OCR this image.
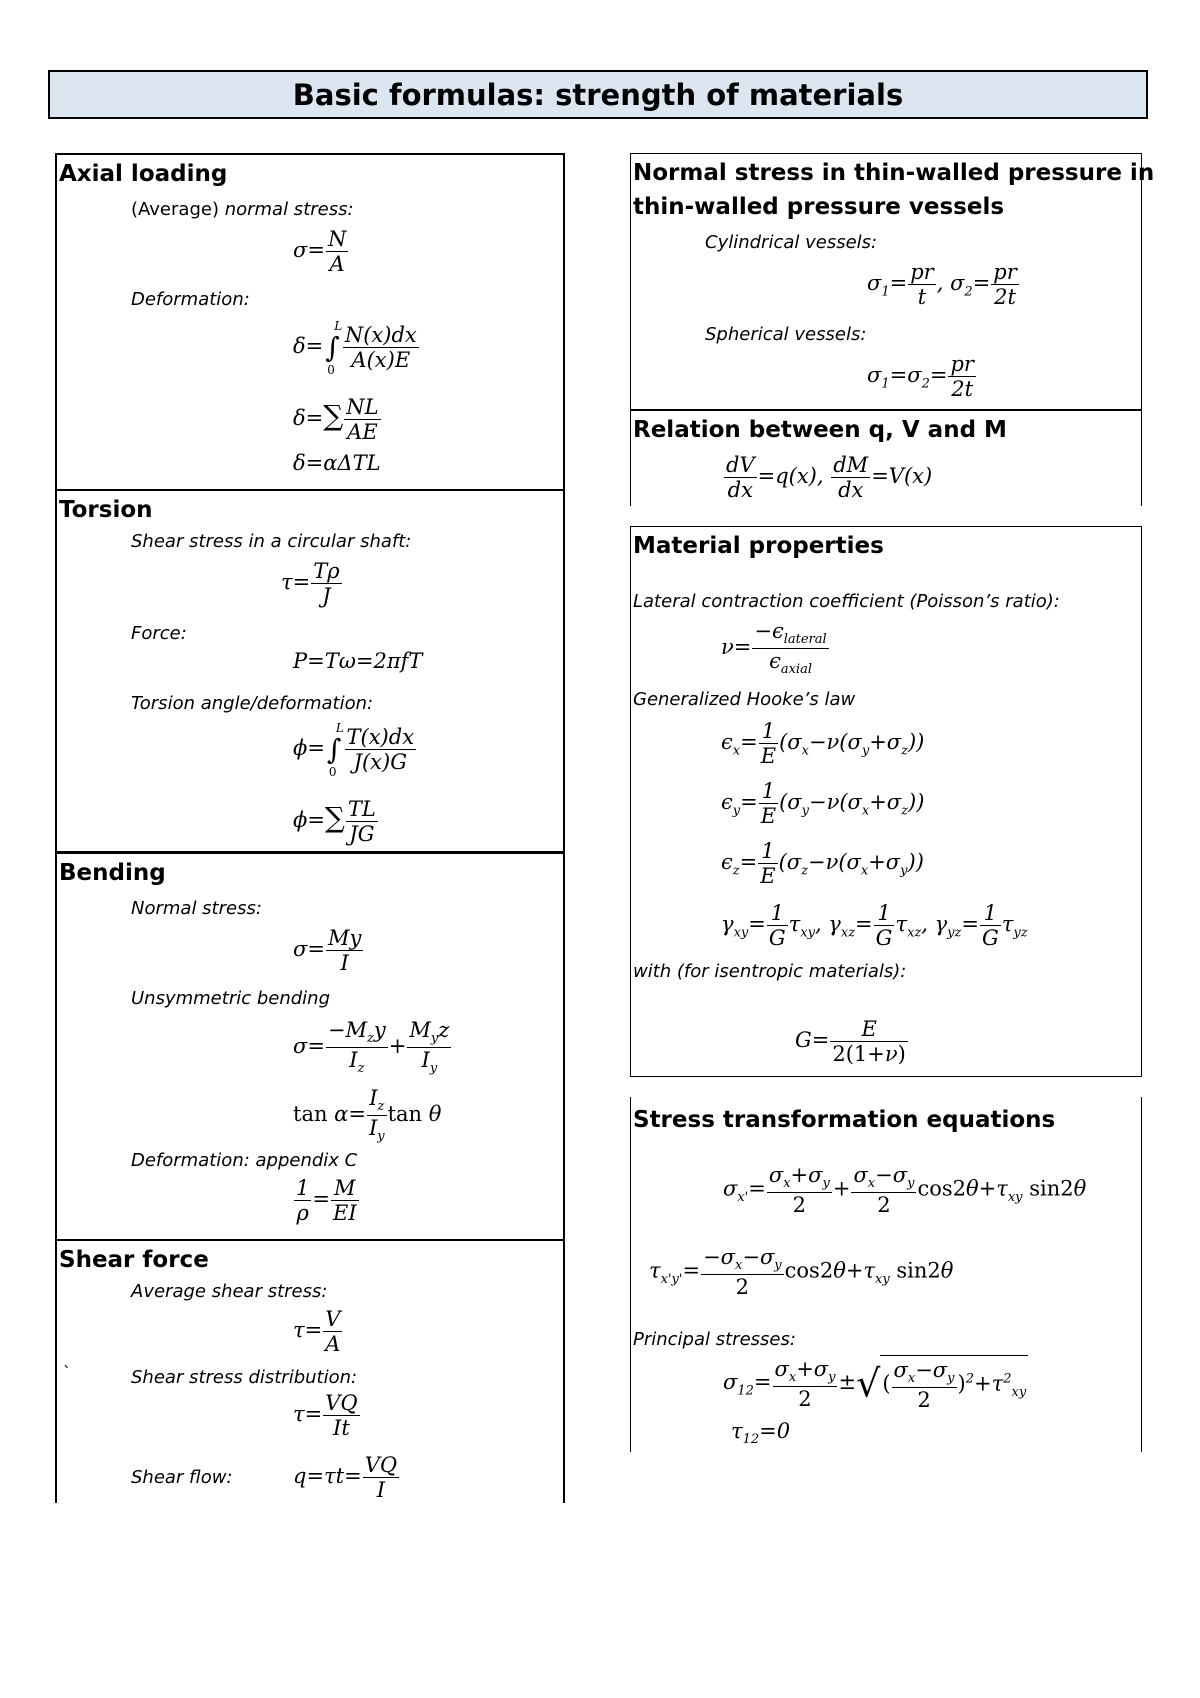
Basic formulas: strength of materials
Axial loading
(Average) normal stress:
$\sigma= \frac{N}{A}$
Deformation:
δ=∫
L
$0 \frac{N(x)dx}{A(x)E}$
$\delta=\sum \frac{NL}{AE}$
δ=αΔTL
Torsion
Shear stress in a circular shaft:
$\tau= \frac{T\rho}{J}$
Force:
P=Tω=2πfT
Torsion angle/deformation:
ϕ=∫
L
$0 \frac{T(x)dx}{J(x)G}$
$\phi=\sum \frac{TL}{JG}$
Bending
Normal stress:
$\sigma= \frac{My}{I}$
Unsymmetric bending
$\sigma= \frac{-M_zy}{I_z} + \frac{M_yz}{I_y}$
$\tan \alpha= \frac{I_z}{I_y}$ tan θ
Deformation: appendix C
$\frac{1}{\rho} = \frac{M}{EI}$
Shear force
Average shear stress:
$\tau= \frac{V}{A}$
`	Shear stress distribution:
$\tau= \frac{VQ}{It}$
Shear flow:	$q=\tau t= \frac{VQ}{I}$
Normal stress in thin-walled pressure in
thin-walled pressure vessels
Cylindrical vessels:
$\sigma_1= \frac{pr}{t}$ , $\sigma_2= \frac{pr}{2t}$
Spherical vessels:
$\sigma_1=\sigma_2= \frac{pr}{2t}$
Relation between q, V and M
$\frac{dV}{dx} =q(x)$, $\frac{dM}{dx} =V(x)$
Material properties
Lateral contraction coefficient (Poisson’s ratio):
$\nu= \frac{-\epsilon_{lateral}}{\epsilon_{axial}}$
Generalized Hooke’s law
$\epsilon_x= \frac{1}{E} (\sigma_x-\nu(\sigma_y+\sigma_z))$
$\epsilon_y= \frac{1}{E} (\sigma_y-\nu(\sigma_x+\sigma_z))$
$\epsilon_z= \frac{1}{E} (\sigma_z-\nu(\sigma_x+\sigma_y))$
$\gamma_{xy}= \frac{1}{G} \tau_{xy}$, $\gamma_{xz}= \frac{1}{G} \tau_{xz}$, $\gamma_{yz}= \frac{1}{G} \tau_{yz}$
with (for isentropic materials):
$G= \frac{E}{2(1+\nu)}$
Stress transformation equations
$\sigma_{x'}= \frac{\sigma_x+\sigma_y}{2} + \frac{\sigma_x-\sigma_y}{2} \cos 2\theta+\tau_{xy}$ sin2θ
$\tau_{x'y'}= \frac{-\sigma_x-\sigma_y}{2} \cos 2\theta+\tau_{xy}$ sin2θ
Principal stresses:
$\sigma_{12}= \frac{\sigma_x+\sigma_y}{2}$ ±√( $\frac{\sigma_x-\sigma_y}{2} )^2+\tau^2_{xy}$
$\tau_{12}=0$
